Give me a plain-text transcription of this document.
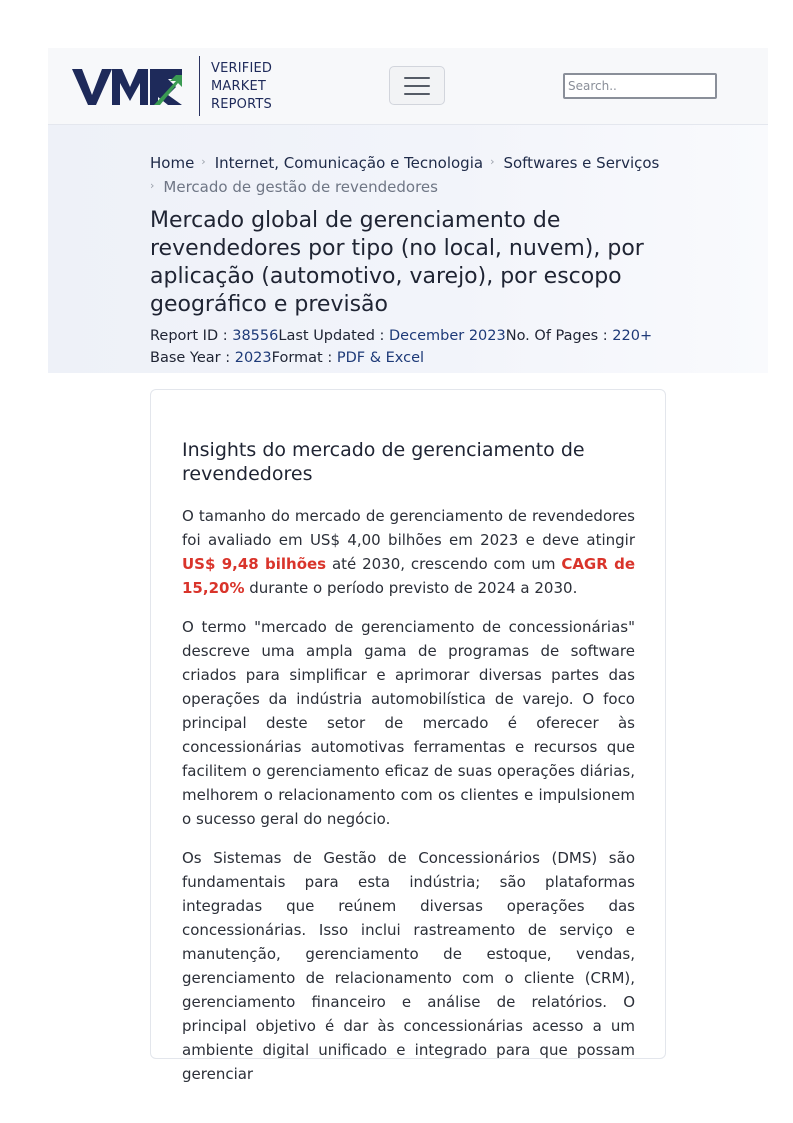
VERIFIED
MARKET
REPORTS
Search..
Home › Internet, Comunicação e Tecnologia › Softwares e Serviços
› Mercado de gestão de revendedores
Mercado global de gerenciamento de revendedores por tipo (no local, nuvem), por aplicação (automotivo, varejo), por escopo geográfico e previsão
Report ID : 38556Last Updated : December 2023No. Of Pages : 220+
Base Year : 2023Format : PDF & Excel
Insights do mercado de gerenciamento de revendedores

O tamanho do mercado de gerenciamento de revendedores foi avaliado em US$ 4,00 bilhões em 2023 e deve atingir US$ 9,48 bilhões até 2030, crescendo com um CAGR de 15,20% durante o período previsto de 2024 a 2030.

O termo "mercado de gerenciamento de concessionárias" descreve uma ampla gama de programas de software criados para simplificar e aprimorar diversas partes das operações da indústria automobilística de varejo. O foco principal deste setor de mercado é oferecer às concessionárias automotivas ferramentas e recursos que facilitem o gerenciamento eficaz de suas operações diárias, melhorem o relacionamento com os clientes e impulsionem o sucesso geral do negócio.

Os Sistemas de Gestão de Concessionários (DMS) são fundamentais para esta indústria; são plataformas integradas que reúnem diversas operações das concessionárias. Isso inclui rastreamento de serviço e manutenção, gerenciamento de estoque, vendas, gerenciamento de relacionamento com o cliente (CRM), gerenciamento financeiro e análise de relatórios. O principal objetivo é dar às concessionárias acesso a um ambiente digital unificado e integrado para que possam gerenciar
